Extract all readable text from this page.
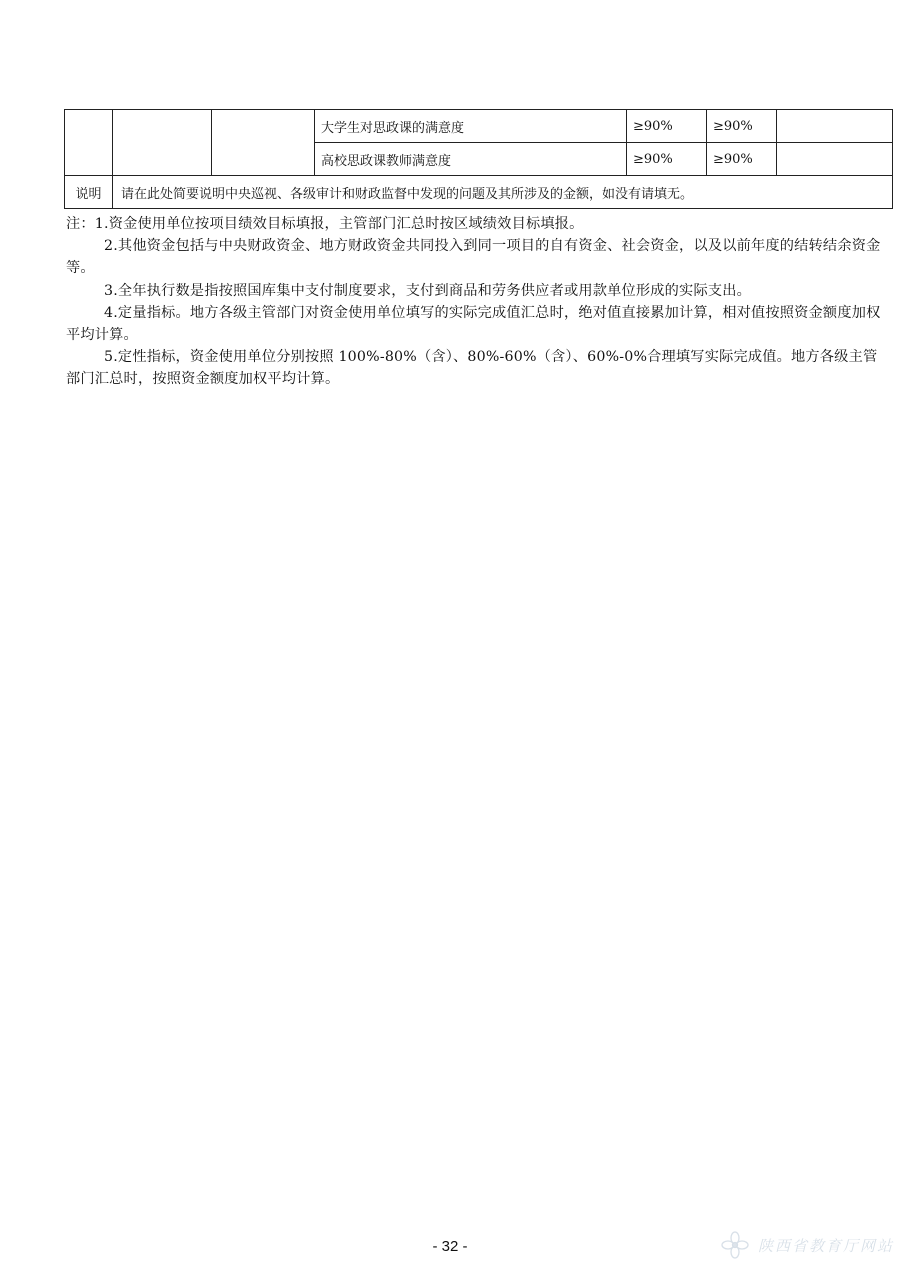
			大学生对思政课的满意度	≥90%	≥90%	
			高校思政课教师满意度	≥90%	≥90%	
说明	请在此处简要说明中央巡视、各级审计和财政监督中发现的问题及其所涉及的金额，如没有请填无。					

注：1.资金使用单位按项目绩效目标填报，主管部门汇总时按区域绩效目标填报。

2.其他资金包括与中央财政资金、地方财政资金共同投入到同一项目的自有资金、社会资金，以及以前年度的结转结余资金等。

3.全年执行数是指按照国库集中支付制度要求，支付到商品和劳务供应者或用款单位形成的实际支出。

4.定量指标。地方各级主管部门对资金使用单位填写的实际完成值汇总时，绝对值直接累加计算，相对值按照资金额度加权平均计算。

5.定性指标，资金使用单位分别按照 100%-80%（含）、80%-60%（含）、60%-0%合理填写实际完成值。地方各级主管部门汇总时，按照资金额度加权平均计算。

- 32 -	陕西省教育厅网站
